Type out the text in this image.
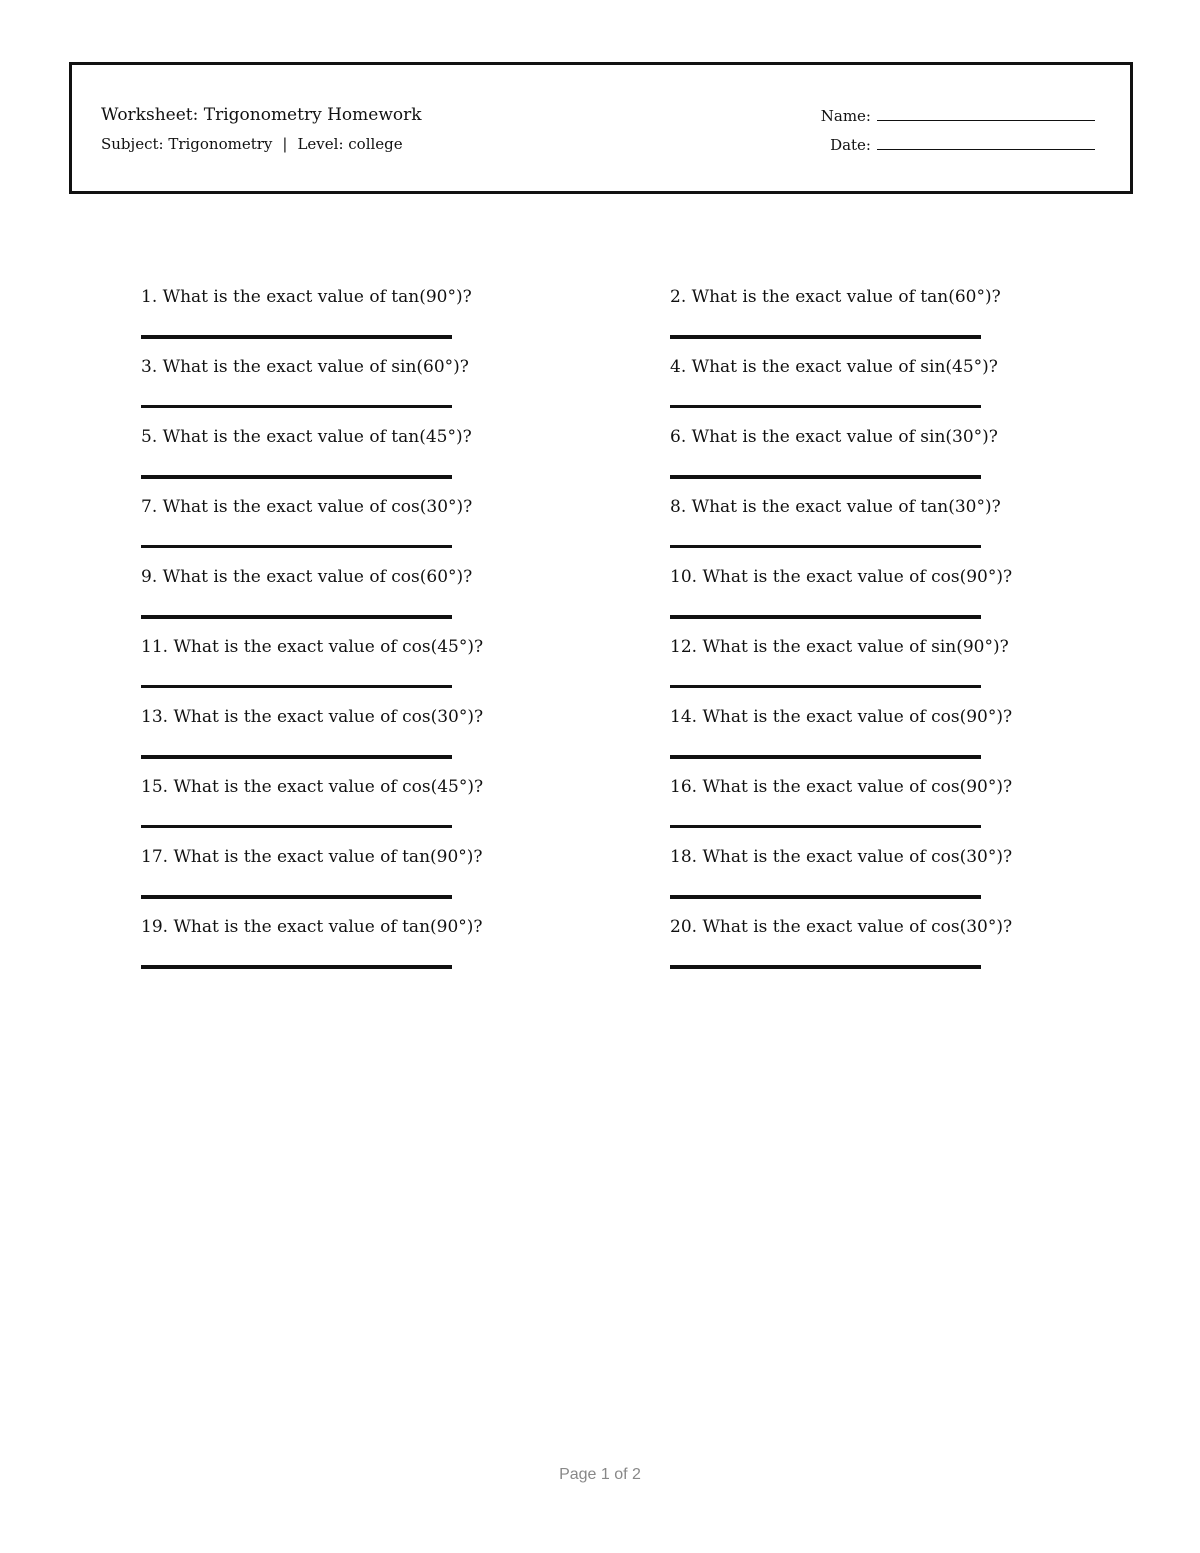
Worksheet: Trigonometry Homework
Subject: Trigonometry | Level: college
Name:
Date:
1. What is the exact value of tan(90°)?	2. What is the exact value of tan(60°)?
3. What is the exact value of sin(60°)?	4. What is the exact value of sin(45°)?
5. What is the exact value of tan(45°)?	6. What is the exact value of sin(30°)?
7. What is the exact value of cos(30°)?	8. What is the exact value of tan(30°)?
9. What is the exact value of cos(60°)?	10. What is the exact value of cos(90°)?
11. What is the exact value of cos(45°)?	12. What is the exact value of sin(90°)?
13. What is the exact value of cos(30°)?	14. What is the exact value of cos(90°)?
15. What is the exact value of cos(45°)?	16. What is the exact value of cos(90°)?
17. What is the exact value of tan(90°)?	18. What is the exact value of cos(30°)?
19. What is the exact value of tan(90°)?	20. What is the exact value of cos(30°)?
Page 1 of 2
